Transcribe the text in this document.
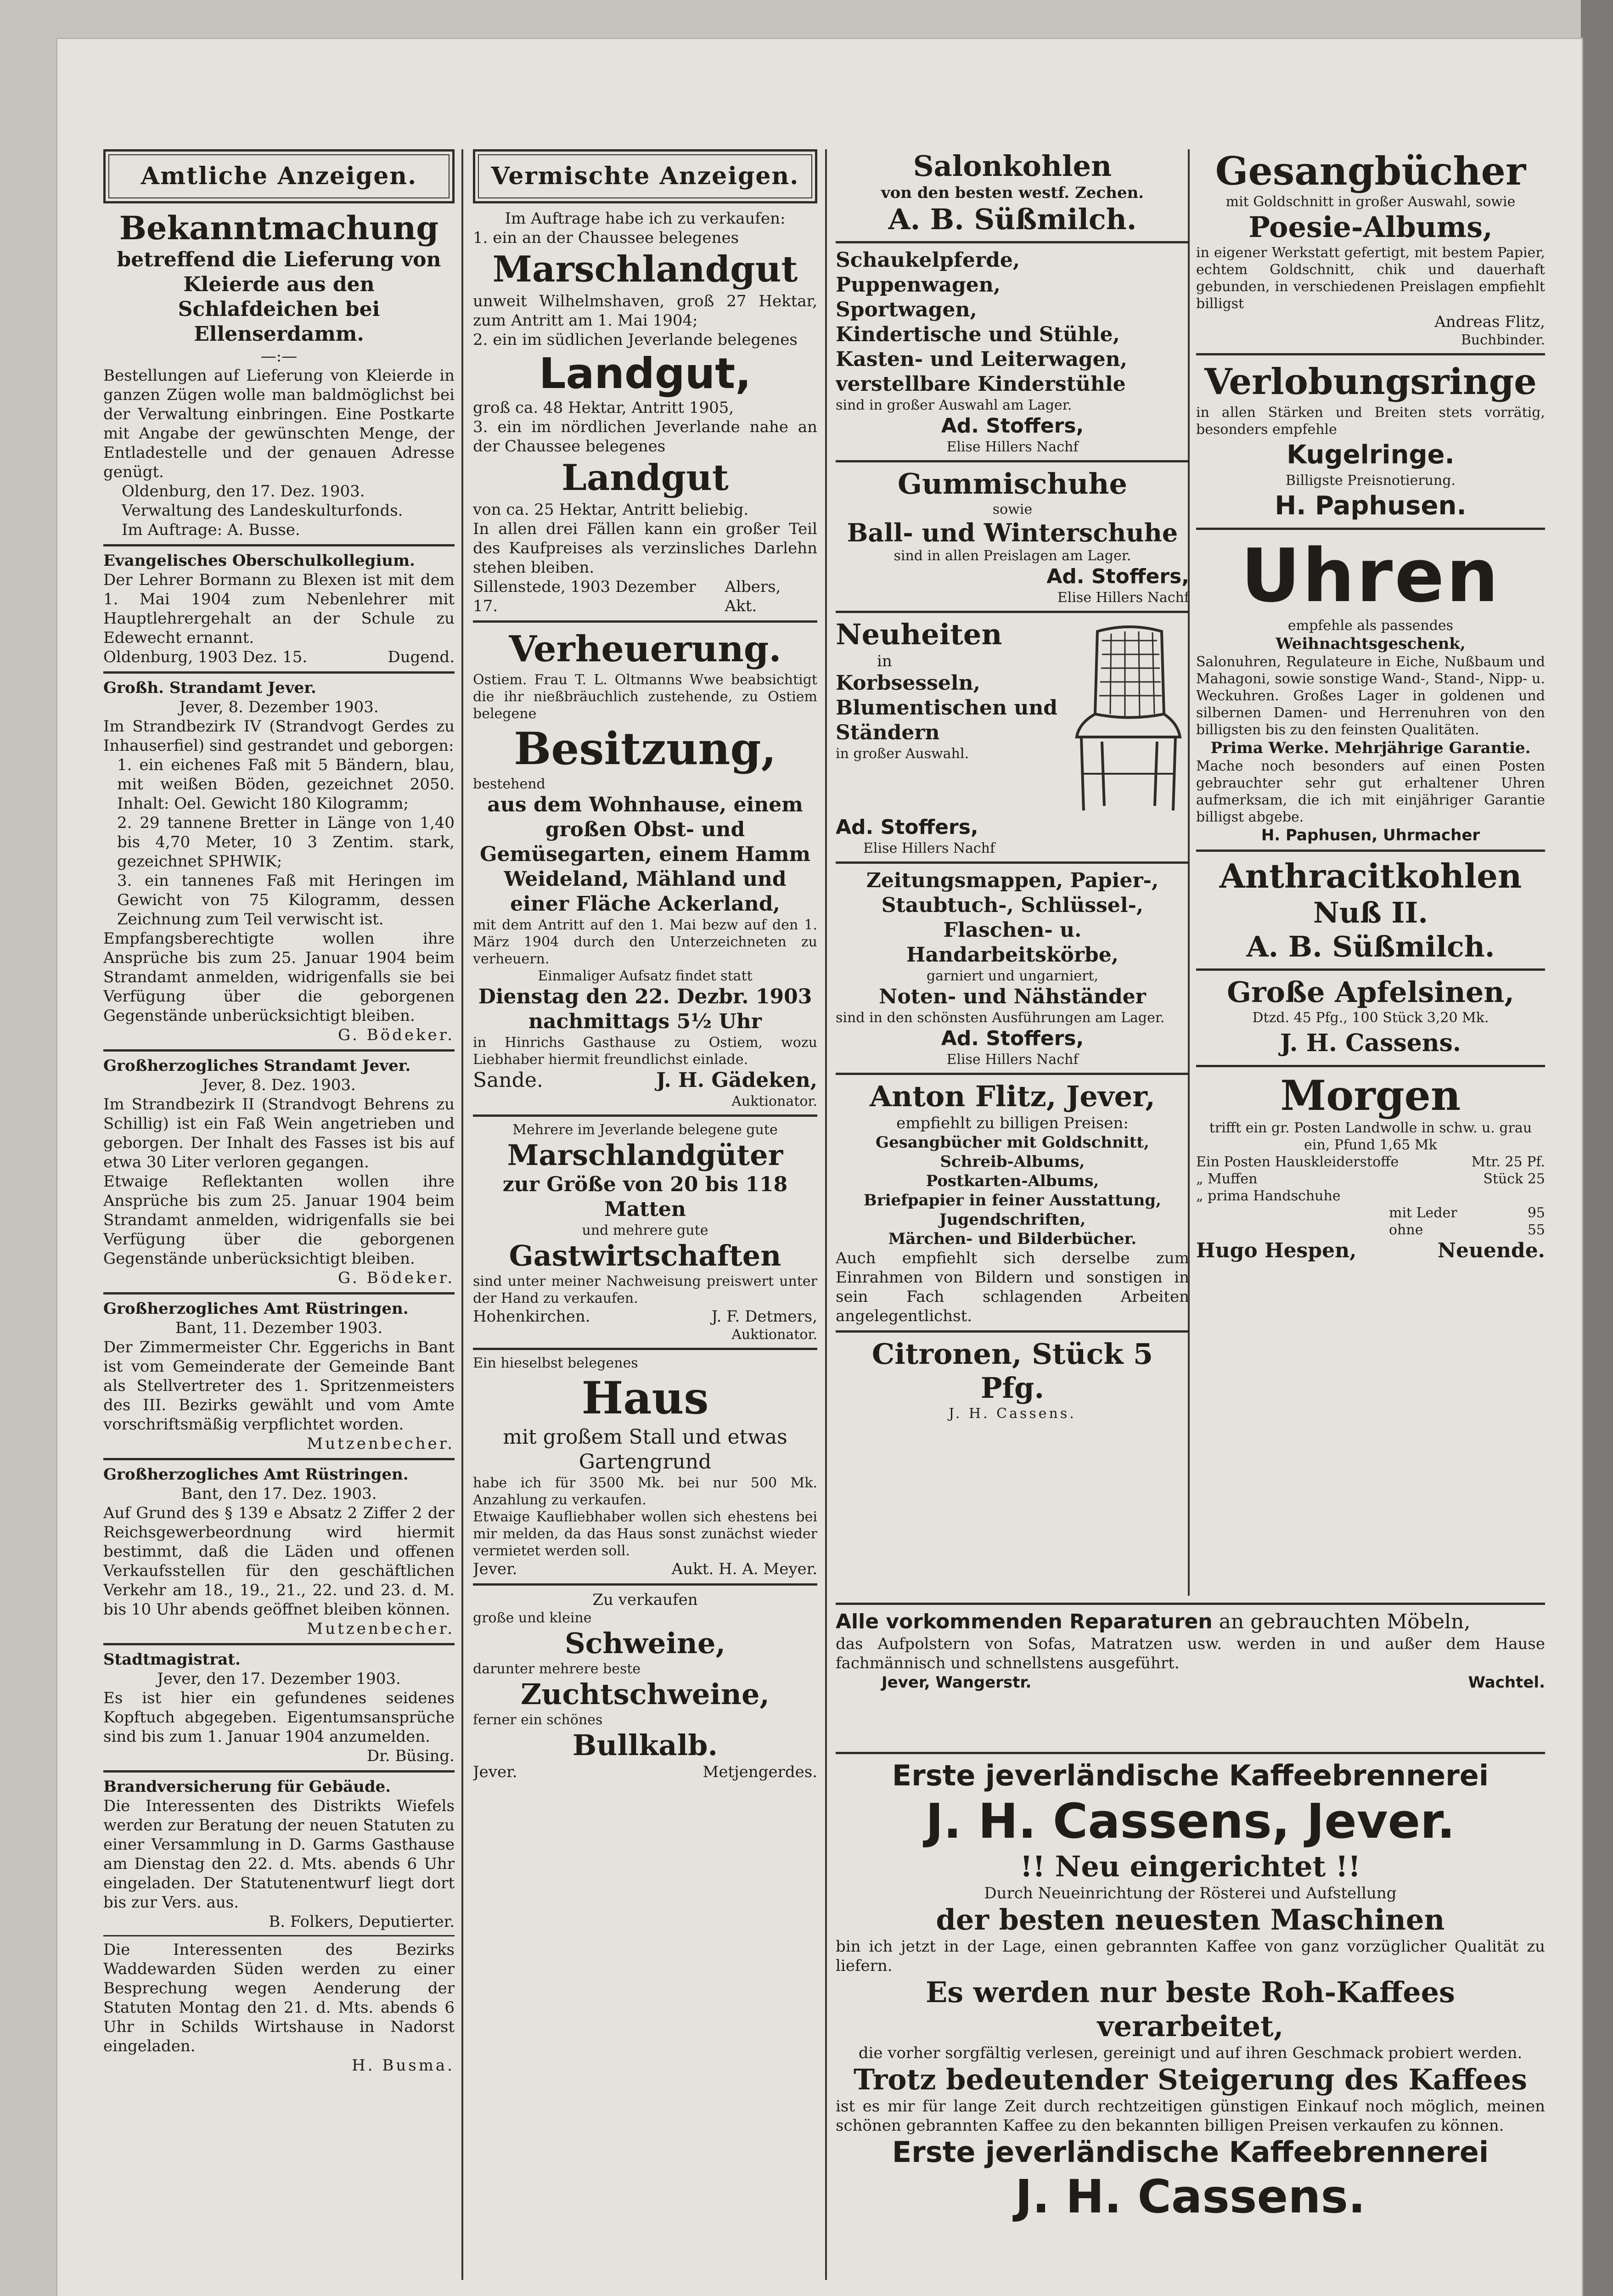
Amtliche Anzeigen.

Bekanntmachung

betreffend die Lieferung von Kleierde aus den Schlafdeichen bei Ellenserdamm.

—:—

Bestellungen auf Lieferung von Kleierde in ganzen Zügen wolle man baldmöglichst bei der Verwaltung einbringen. Eine Postkarte mit Angabe der gewünschten Menge, der Entladestelle und der genauen Adresse genügt.

Oldenburg, den 17. Dez. 1903.

Verwaltung des Landeskulturfonds.

Im Auftrage: A. Busse.

Evangelisches Oberschulkollegium.

Der Lehrer Bormann zu Blexen ist mit dem 1. Mai 1904 zum Nebenlehrer mit Hauptlehrergehalt an der Schule zu Edewecht ernannt.

Oldenburg, 1903 Dez. 15.	Dugend.

Großh. Strandamt Jever.

Jever, 8. Dezember 1903.

Im Strandbezirk IV (Strandvogt Gerdes zu Inhauserfiel) sind gestrandet und geborgen:

1. ein eichenes Faß mit 5 Bändern, blau, mit weißen Böden, gezeichnet 2050. Inhalt: Oel. Gewicht 180 Kilogramm;

2. 29 tannene Bretter in Länge von 1,40 bis 4,70 Meter, 10 3 Zentim. stark, gezeichnet SPHWIK;

3. ein tannenes Faß mit Heringen im Gewicht von 75 Kilogramm, dessen Zeichnung zum Teil verwischt ist.

Empfangsberechtigte wollen ihre Ansprüche bis zum 25. Januar 1904 beim Strandamt anmelden, widrigenfalls sie bei Verfügung über die geborgenen Gegenstände unberücksichtigt bleiben.

G. Bödeker.

Großherzogliches Strandamt Jever.

Jever, 8. Dez. 1903.

Im Strandbezirk II (Strandvogt Behrens zu Schillig) ist ein Faß Wein angetrieben und geborgen. Der Inhalt des Fasses ist bis auf etwa 30 Liter verloren gegangen.

Etwaige Reflektanten wollen ihre Ansprüche bis zum 25. Januar 1904 beim Strandamt anmelden, widrigenfalls sie bei Verfügung über die geborgenen Gegenstände unberücksichtigt bleiben.

G. Bödeker.

Großherzogliches Amt Rüstringen.

Bant, 11. Dezember 1903.

Der Zimmermeister Chr. Eggerichs in Bant ist vom Gemeinderate der Gemeinde Bant als Stellvertreter des 1. Spritzenmeisters des III. Bezirks gewählt und vom Amte vorschriftsmäßig verpflichtet worden.

Mutzenbecher.

Großherzogliches Amt Rüstringen.

Bant, den 17. Dez. 1903.

Auf Grund des § 139 e Absatz 2 Ziffer 2 der Reichsgewerbeordnung wird hiermit bestimmt, daß die Läden und offenen Verkaufsstellen für den geschäftlichen Verkehr am 18., 19., 21., 22. und 23. d. M. bis 10 Uhr abends geöffnet bleiben können.

Mutzenbecher.

Stadtmagistrat.

Jever, den 17. Dezember 1903.

Es ist hier ein gefundenes seidenes Kopftuch abgegeben. Eigentumsansprüche sind bis zum 1. Januar 1904 anzumelden.

Dr. Büsing.

Brandversicherung für Gebäude.

Die Interessenten des Distrikts Wiefels werden zur Beratung der neuen Statuten zu einer Versammlung in D. Garms Gasthause am Dienstag den 22. d. Mts. abends 6 Uhr eingeladen. Der Statutenentwurf liegt dort bis zur Vers. aus.

B. Folkers, Deputierter.

Die Interessenten des Bezirks Waddewarden Süden werden zu einer Besprechung wegen Aenderung der Statuten Montag den 21. d. Mts. abends 6 Uhr in Schilds Wirtshause in Nadorst eingeladen.

H. Busma.

Vermischte Anzeigen.

Im Auftrage habe ich zu verkaufen:

1. ein an der Chaussee belegenes

Marschlandgut

unweit Wilhelmshaven, groß 27 Hektar, zum Antritt am 1. Mai 1904;

2. ein im südlichen Jeverlande belegenes

Landgut,

groß ca. 48 Hektar, Antritt 1905,

3. ein im nördlichen Jeverlande nahe an der Chaussee belegenes

Landgut

von ca. 25 Hektar, Antritt beliebig.

In allen drei Fällen kann ein großer Teil des Kaufpreises als verzinsliches Darlehn stehen bleiben.

Sillenstede, 1903 Dezember 17.
Albers, Akt.

Verheuerung.

Ostiem. Frau T. L. Oltmanns Wwe beabsichtigt die ihr nießbräuchlich zustehende, zu Ostiem belegene

Besitzung,

bestehend

aus dem Wohnhause, einem großen Obst- und Gemüsegarten, einem Hamm Weideland, Mähland und einer Fläche Ackerland,

mit dem Antritt auf den 1. Mai bezw auf den 1. März 1904 durch den Unterzeichneten zu verheuern.

Einmaliger Aufsatz findet statt

Dienstag den 22. Dezbr. 1903

nachmittags 5½ Uhr

in Hinrichs Gasthause zu Ostiem, wozu Liebhaber hiermit freundlichst einlade.

Sande.	J. H. Gädeken,

Auktionator.

Mehrere im Jeverlande belegene gute

Marschlandgüter

zur Größe von 20 bis 118 Matten

und mehrere gute

Gastwirtschaften

sind unter meiner Nachweisung preiswert unter der Hand zu verkaufen.

Hohenkirchen.	J. F. Detmers,

Auktionator.

Ein hieselbst belegenes

Haus

mit großem Stall und etwas Gartengrund

habe ich für 3500 Mk. bei nur 500 Mk. Anzahlung zu verkaufen.

Etwaige Kaufliebhaber wollen sich ehestens bei mir melden, da das Haus sonst zunächst wieder vermietet werden soll.

Jever.	Aukt. H. A. Meyer.

Zu verkaufen

große und kleine

Schweine,

darunter mehrere beste

Zuchtschweine,

ferner ein schönes

Bullkalb.

Jever.	Metjengerdes.

Salonkohlen

von den besten westf. Zechen.

A. B. Süßmilch.

Schaukelpferde,

Puppenwagen,

Sportwagen,

Kindertische und Stühle,

Kasten- und Leiterwagen,

verstellbare Kinderstühle

sind in großer Auswahl am Lager.

Ad. Stoffers,

Elise Hillers Nachf

Gummischuhe

sowie

Ball- und Winterschuhe

sind in allen Preislagen am Lager.

Ad. Stoffers,

Elise Hillers Nachf

Neuheiten

in

Korbsesseln, Blumentischen und Ständern

in großer Auswahl.

Ad. Stoffers,

Elise Hillers Nachf

Zeitungsmappen, Papier-, Staubtuch-, Schlüssel-, Flaschen- u. Handarbeitskörbe,

garniert und ungarniert,

Noten- und Nähständer

sind in den schönsten Ausführungen am Lager.

Ad. Stoffers,

Elise Hillers Nachf

Anton Flitz, Jever,

empfiehlt zu billigen Preisen:

Gesangbücher mit Goldschnitt,

Schreib-Albums,

Postkarten-Albums,

Briefpapier in feiner Ausstattung,

Jugendschriften,

Märchen- und Bilderbücher.

Auch empfiehlt sich derselbe zum Einrahmen von Bildern und sonstigen in sein Fach schlagenden Arbeiten angelegentlichst.

Citronen, Stück 5 Pfg.

J. H. Cassens.

Gesangbücher

mit Goldschnitt in großer Auswahl, sowie

Poesie-Albums,

in eigener Werkstatt gefertigt, mit bestem Papier, echtem Goldschnitt, chik und dauerhaft gebunden, in verschiedenen Preislagen empfiehlt billigst

Andreas Flitz,

Buchbinder.

Verlobungsringe

in allen Stärken und Breiten stets vorrätig, besonders empfehle

Kugelringe.

Billigste Preisnotierung.

H. Paphusen.

Uhren

empfehle als passendes

Weihnachtsgeschenk,

Salonuhren, Regulateure in Eiche, Nußbaum und Mahagoni, sowie sonstige Wand-, Stand-, Nipp- u. Weckuhren. Großes Lager in goldenen und silbernen Damen- und Herrenuhren von den billigsten bis zu den feinsten Qualitäten.

Prima Werke. Mehrjährige Garantie.

Mache noch besonders auf einen Posten gebrauchter sehr gut erhaltener Uhren aufmerksam, die ich mit einjähriger Garantie billigst abgebe.

H. Paphusen, Uhrmacher

Anthracitkohlen

Nuß II.

A. B. Süßmilch.

Große Apfelsinen,

Dtzd. 45 Pfg., 100 Stück 3,20 Mk.

J. H. Cassens.

Morgen

trifft ein gr. Posten Landwolle in schw. u. grau ein, Pfund 1,65 Mk

Ein Posten Hauskleiderstoffe	Mtr. 25 Pf.
„ Muffen	Stück 25
„ prima Handschuhe
mit Leder	95
ohne	55
Hugo Hespen,	Neuende.

Alle vorkommenden Reparaturen an gebrauchten Möbeln,

das Aufpolstern von Sofas, Matratzen usw. werden in und außer dem Hause fachmännisch und schnellstens ausgeführt.

Jever, Wangerstr.	Wachtel.

Erste jeverländische Kaffeebrennerei

J. H. Cassens, Jever.

!! Neu eingerichtet !!

Durch Neueinrichtung der Rösterei und Aufstellung

der besten neuesten Maschinen

bin ich jetzt in der Lage, einen gebrannten Kaffee von ganz vorzüglicher Qualität zu liefern.

Es werden nur beste Roh-Kaffees verarbeitet,

die vorher sorgfältig verlesen, gereinigt und auf ihren Geschmack probiert werden.

Trotz bedeutender Steigerung des Kaffees

ist es mir für lange Zeit durch rechtzeitigen günstigen Einkauf noch möglich, meinen schönen gebrannten Kaffee zu den bekannten billigen Preisen verkaufen zu können.

Erste jeverländische Kaffeebrennerei

J. H. Cassens.
